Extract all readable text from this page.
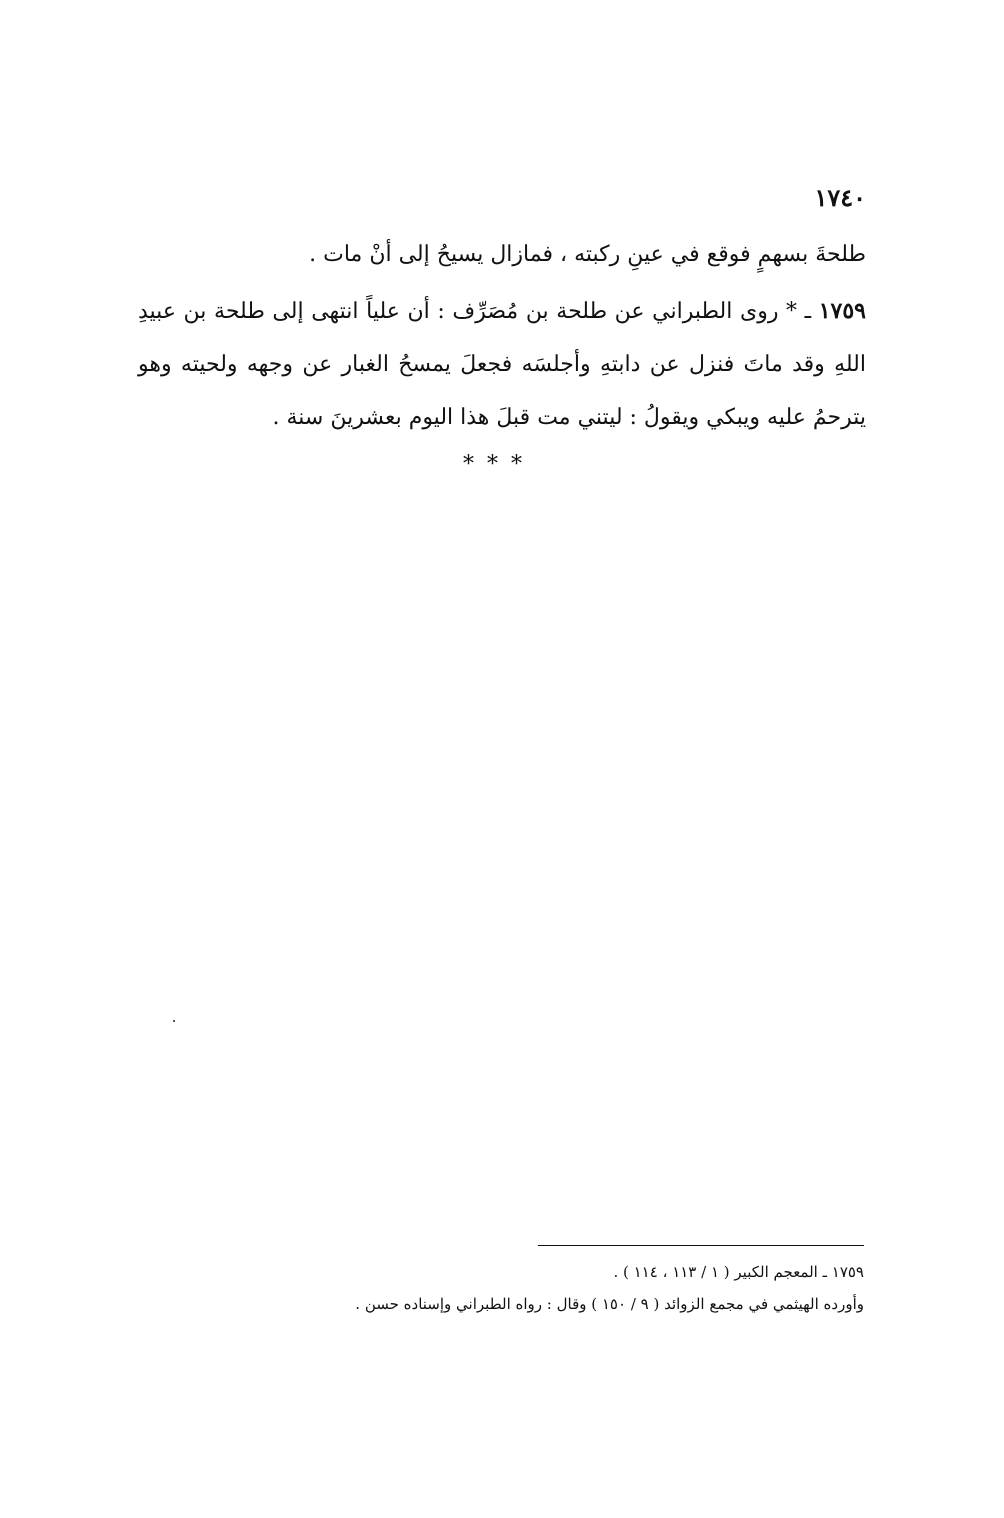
١٧٤٠

طلحةَ بسهمٍ فوقع في عينِ ركبته ، فمازال يسيحُ إلى أنْ مات .

١٧٥٩ ـ * روى الطبراني عن طلحة بن مُصَرِّف : أن علياً انتهى إلى طلحة بن عبيدِ اللهِ وقد ماتَ فنزل عن دابتهِ وأجلسَه فجعلَ يمسحُ الغبار عن وجهه ولحيته وهو يترحمُ عليه ويبكي ويقولُ : ليتني مت قبلَ هذا اليوم بعشرينَ سنة .

* * *

١٧٥٩ ـ المعجم الكبير ( ١ / ١١٣ ، ١١٤ ) .

وأورده الهيثمي في مجمع الزوائد ( ٩ / ١٥٠ ) وقال : رواه الطبراني وإسناده حسن .
